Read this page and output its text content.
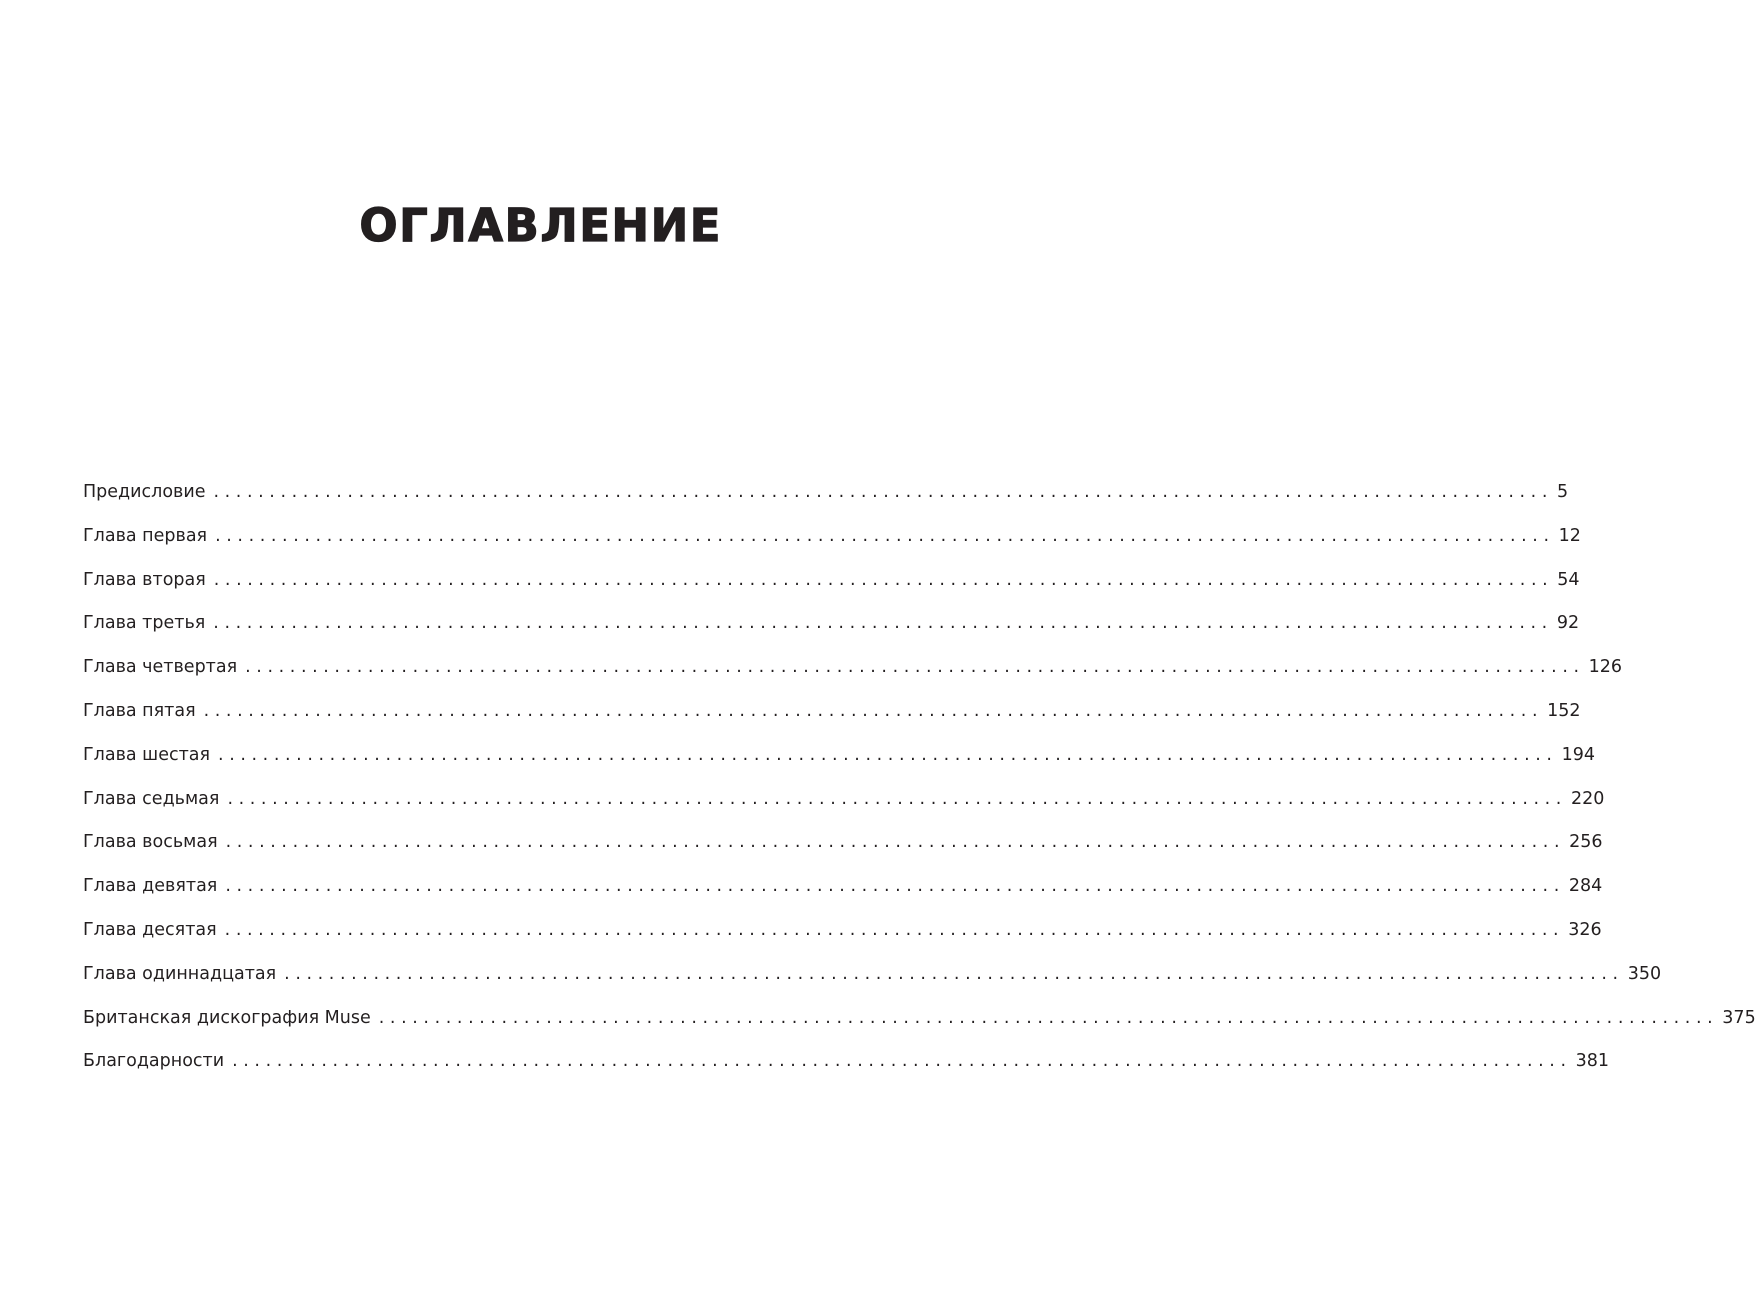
ОГЛАВЛЕНИЕ
Предисловие ........................................................................................................................ 5
Глава первая ........................................................................................................................ 12
Глава вторая ........................................................................................................................ 54
Глава третья ........................................................................................................................ 92
Глава четвертая ........................................................................................................................ 126
Глава пятая ........................................................................................................................ 152
Глава шестая ........................................................................................................................ 194
Глава седьмая ........................................................................................................................ 220
Глава восьмая ........................................................................................................................ 256
Глава девятая ........................................................................................................................ 284
Глава десятая ........................................................................................................................ 326
Глава одиннадцатая ........................................................................................................................ 350
Британская дискография Muse ........................................................................................................................ 375
Благодарности ........................................................................................................................ 381
